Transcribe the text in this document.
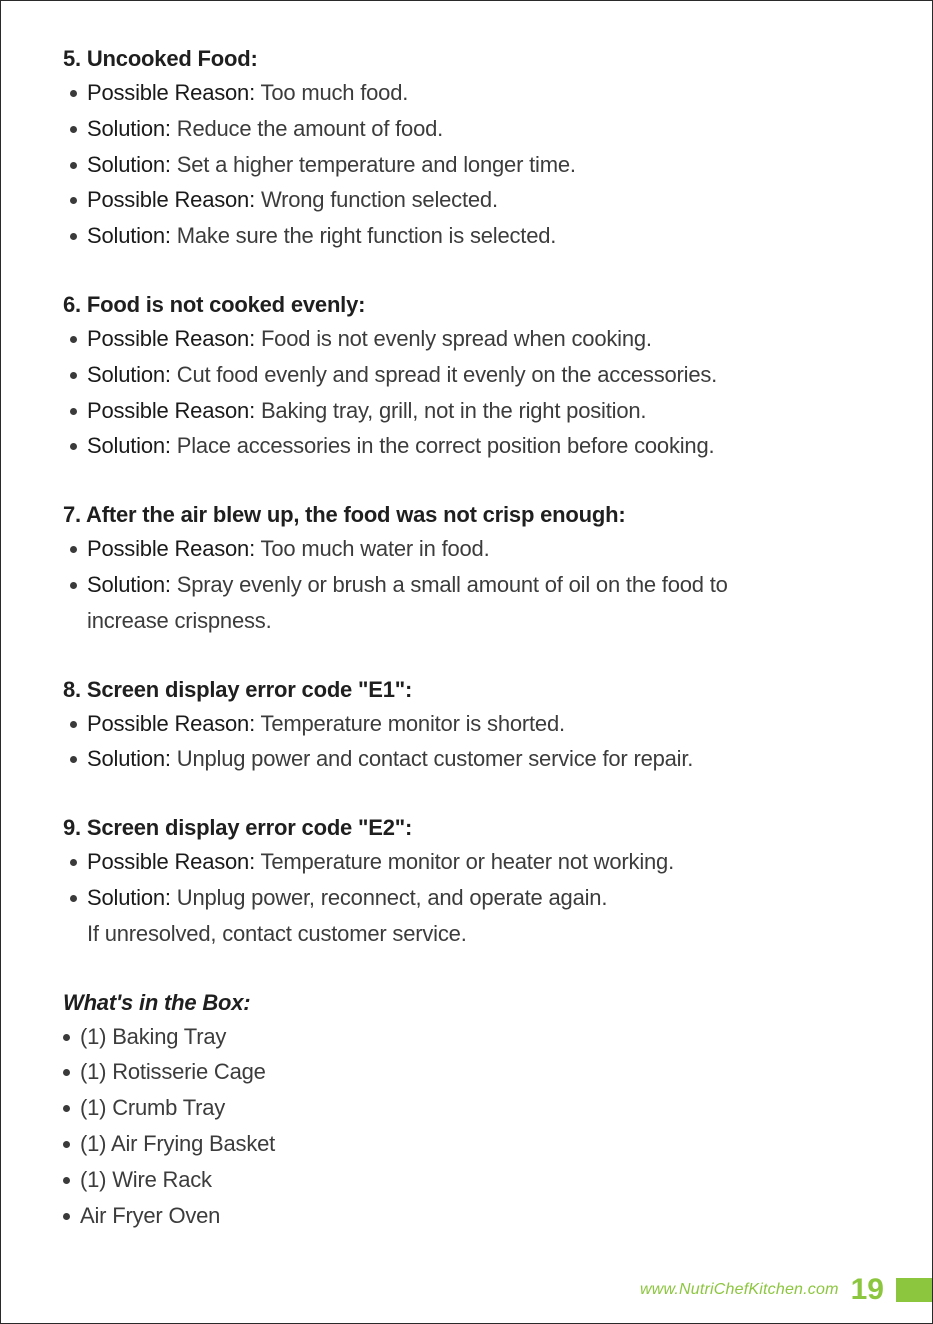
5. Uncooked Food:
Possible Reason: Too much food.
Solution: Reduce the amount of food.
Solution: Set a higher temperature and longer time.
Possible Reason: Wrong function selected.
Solution: Make sure the right function is selected.
6. Food is not cooked evenly:
Possible Reason: Food is not evenly spread when cooking.
Solution: Cut food evenly and spread it evenly on the accessories.
Possible Reason: Baking tray, grill, not in the right position.
Solution: Place accessories in the correct position before cooking.
7. After the air blew up, the food was not crisp enough:
Possible Reason: Too much water in food.
Solution: Spray evenly or brush a small amount of oil on the food to
increase crispness.
8. Screen display error code "E1":
Possible Reason: Temperature monitor is shorted.
Solution: Unplug power and contact customer service for repair.
9. Screen display error code "E2":
Possible Reason: Temperature monitor or heater not working.
Solution: Unplug power, reconnect, and operate again.
If unresolved, contact customer service.
What's in the Box:
(1) Baking Tray
(1) Rotisserie Cage
(1) Crumb Tray
(1) Air Frying Basket
(1) Wire Rack
Air Fryer Oven
www.NutriChefKitchen.com 19
